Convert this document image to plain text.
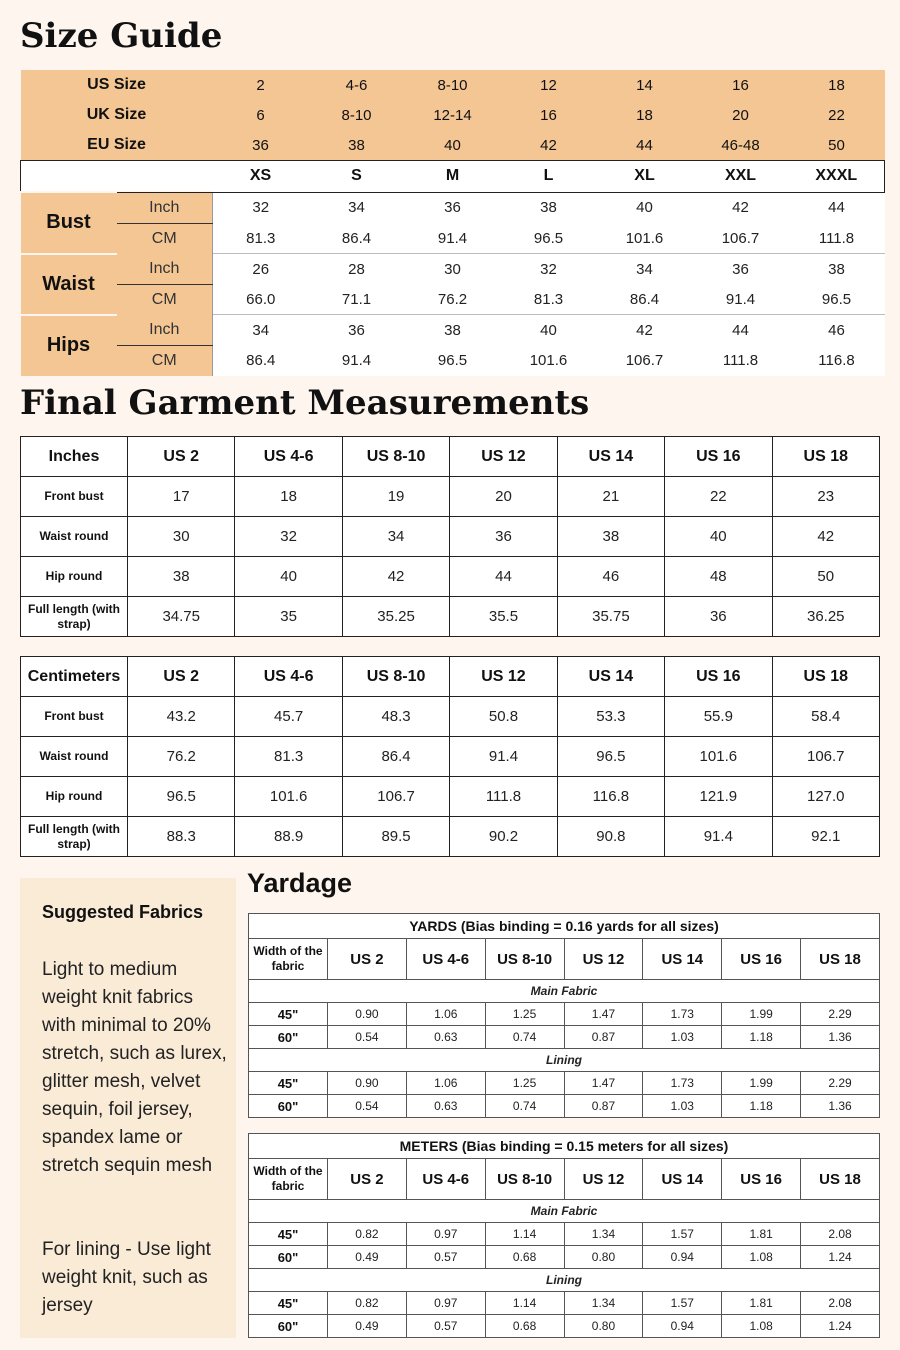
Size Guide
US Size		2	4-6	8-10	12	14	16	18
UK Size		6	8-10	12-14	16	18	20	22
EU Size		36	38	40	42	44	46-48	50
		XS	S	M	L	XL	XXL	XXXL
Bust	Inch	32	34	36	38	40	42	44
	CM	81.3	86.4	91.4	96.5	101.6	106.7	111.8
Waist	Inch	26	28	30	32	34	36	38
	CM	66.0	71.1	76.2	81.3	86.4	91.4	96.5
Hips	Inch	34	36	38	40	42	44	46
	CM	86.4	91.4	96.5	101.6	106.7	111.8	116.8
Final Garment Measurements
Inches	US 2	US 4-6	US 8-10	US 12	US 14	US 16	US 18
Front bust	17	18	19	20	21	22	23
Waist round	30	32	34	36	38	40	42
Hip round	38	40	42	44	46	48	50
Full length (with strap)	34.75	35	35.25	35.5	35.75	36	36.25
Centimeters	US 2	US 4-6	US 8-10	US 12	US 14	US 16	US 18
Front bust	43.2	45.7	48.3	50.8	53.3	55.9	58.4
Waist round	76.2	81.3	86.4	91.4	96.5	101.6	106.7
Hip round	96.5	101.6	106.7	111.8	116.8	121.9	127.0
Full length (with strap)	88.3	88.9	89.5	90.2	90.8	91.4	92.1
Suggested Fabrics
Light to medium weight knit fabrics with minimal to 20% stretch, such as lurex, glitter mesh, velvet sequin, foil jersey, spandex lame or stretch sequin mesh
For lining - Use light weight knit, such as jersey
Yardage
YARDS (Bias binding = 0.16 yards for all sizes)							
Width of the fabric	US 2	US 4-6	US 8-10	US 12	US 14	US 16	US 18
Main Fabric							
45"	0.90	1.06	1.25	1.47	1.73	1.99	2.29
60"	0.54	0.63	0.74	0.87	1.03	1.18	1.36
Lining							
45"	0.90	1.06	1.25	1.47	1.73	1.99	2.29
60"	0.54	0.63	0.74	0.87	1.03	1.18	1.36
METERS (Bias binding = 0.15 meters for all sizes)							
Width of the fabric	US 2	US 4-6	US 8-10	US 12	US 14	US 16	US 18
Main Fabric							
45"	0.82	0.97	1.14	1.34	1.57	1.81	2.08
60"	0.49	0.57	0.68	0.80	0.94	1.08	1.24
Lining							
45"	0.82	0.97	1.14	1.34	1.57	1.81	2.08
60"	0.49	0.57	0.68	0.80	0.94	1.08	1.24
